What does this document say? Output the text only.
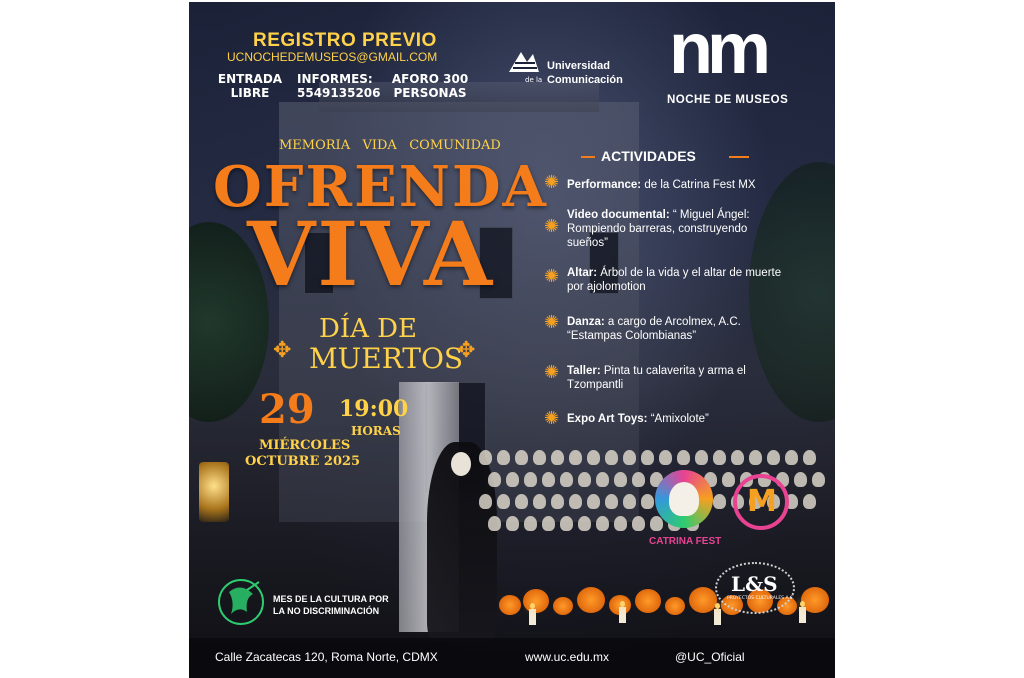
REGISTRO PREVIO
UCNOCHEDEMUSEOS@GMAIL.COM
ENTRADA
LIBRE
INFORMES:
5549135206
AFORO 300
PERSONAS
Universidad
de la Comunicación nm
NOCHE DE MUSEOS
MEMORIA   VIDA   COMUNIDAD
OFRENDA
VIVA
DÍA DE
✥ MUERTOS
✥
29
MIÉRCOLES
OCTUBRE 2025
19:00
HORAS
ACTIVIDADES
✺ Performance: de la Catrina Fest MX
✺
Video documental: “ Miguel Ángel: Rompiendo barreras, construyendo sueños”
✺ Altar: Árbol de la vida y el altar de muerte por ajolomotion
✺ Danza: a cargo de Arcolmex, A.C. “Estampas Colombianas”
✺ Taller: Pinta tu calaverita y arma el Tzompantli
✺ Expo Art Toys: “Amixolote”
CATRINA FEST
M
L&S
PROYECTOS CULTURALES A.C.
MES DE LA CULTURA POR
LA NO DISCRIMINACIÓN
Calle Zacatecas 120, Roma Norte, CDMX	www.uc.edu.mx	@UC_Oficial
